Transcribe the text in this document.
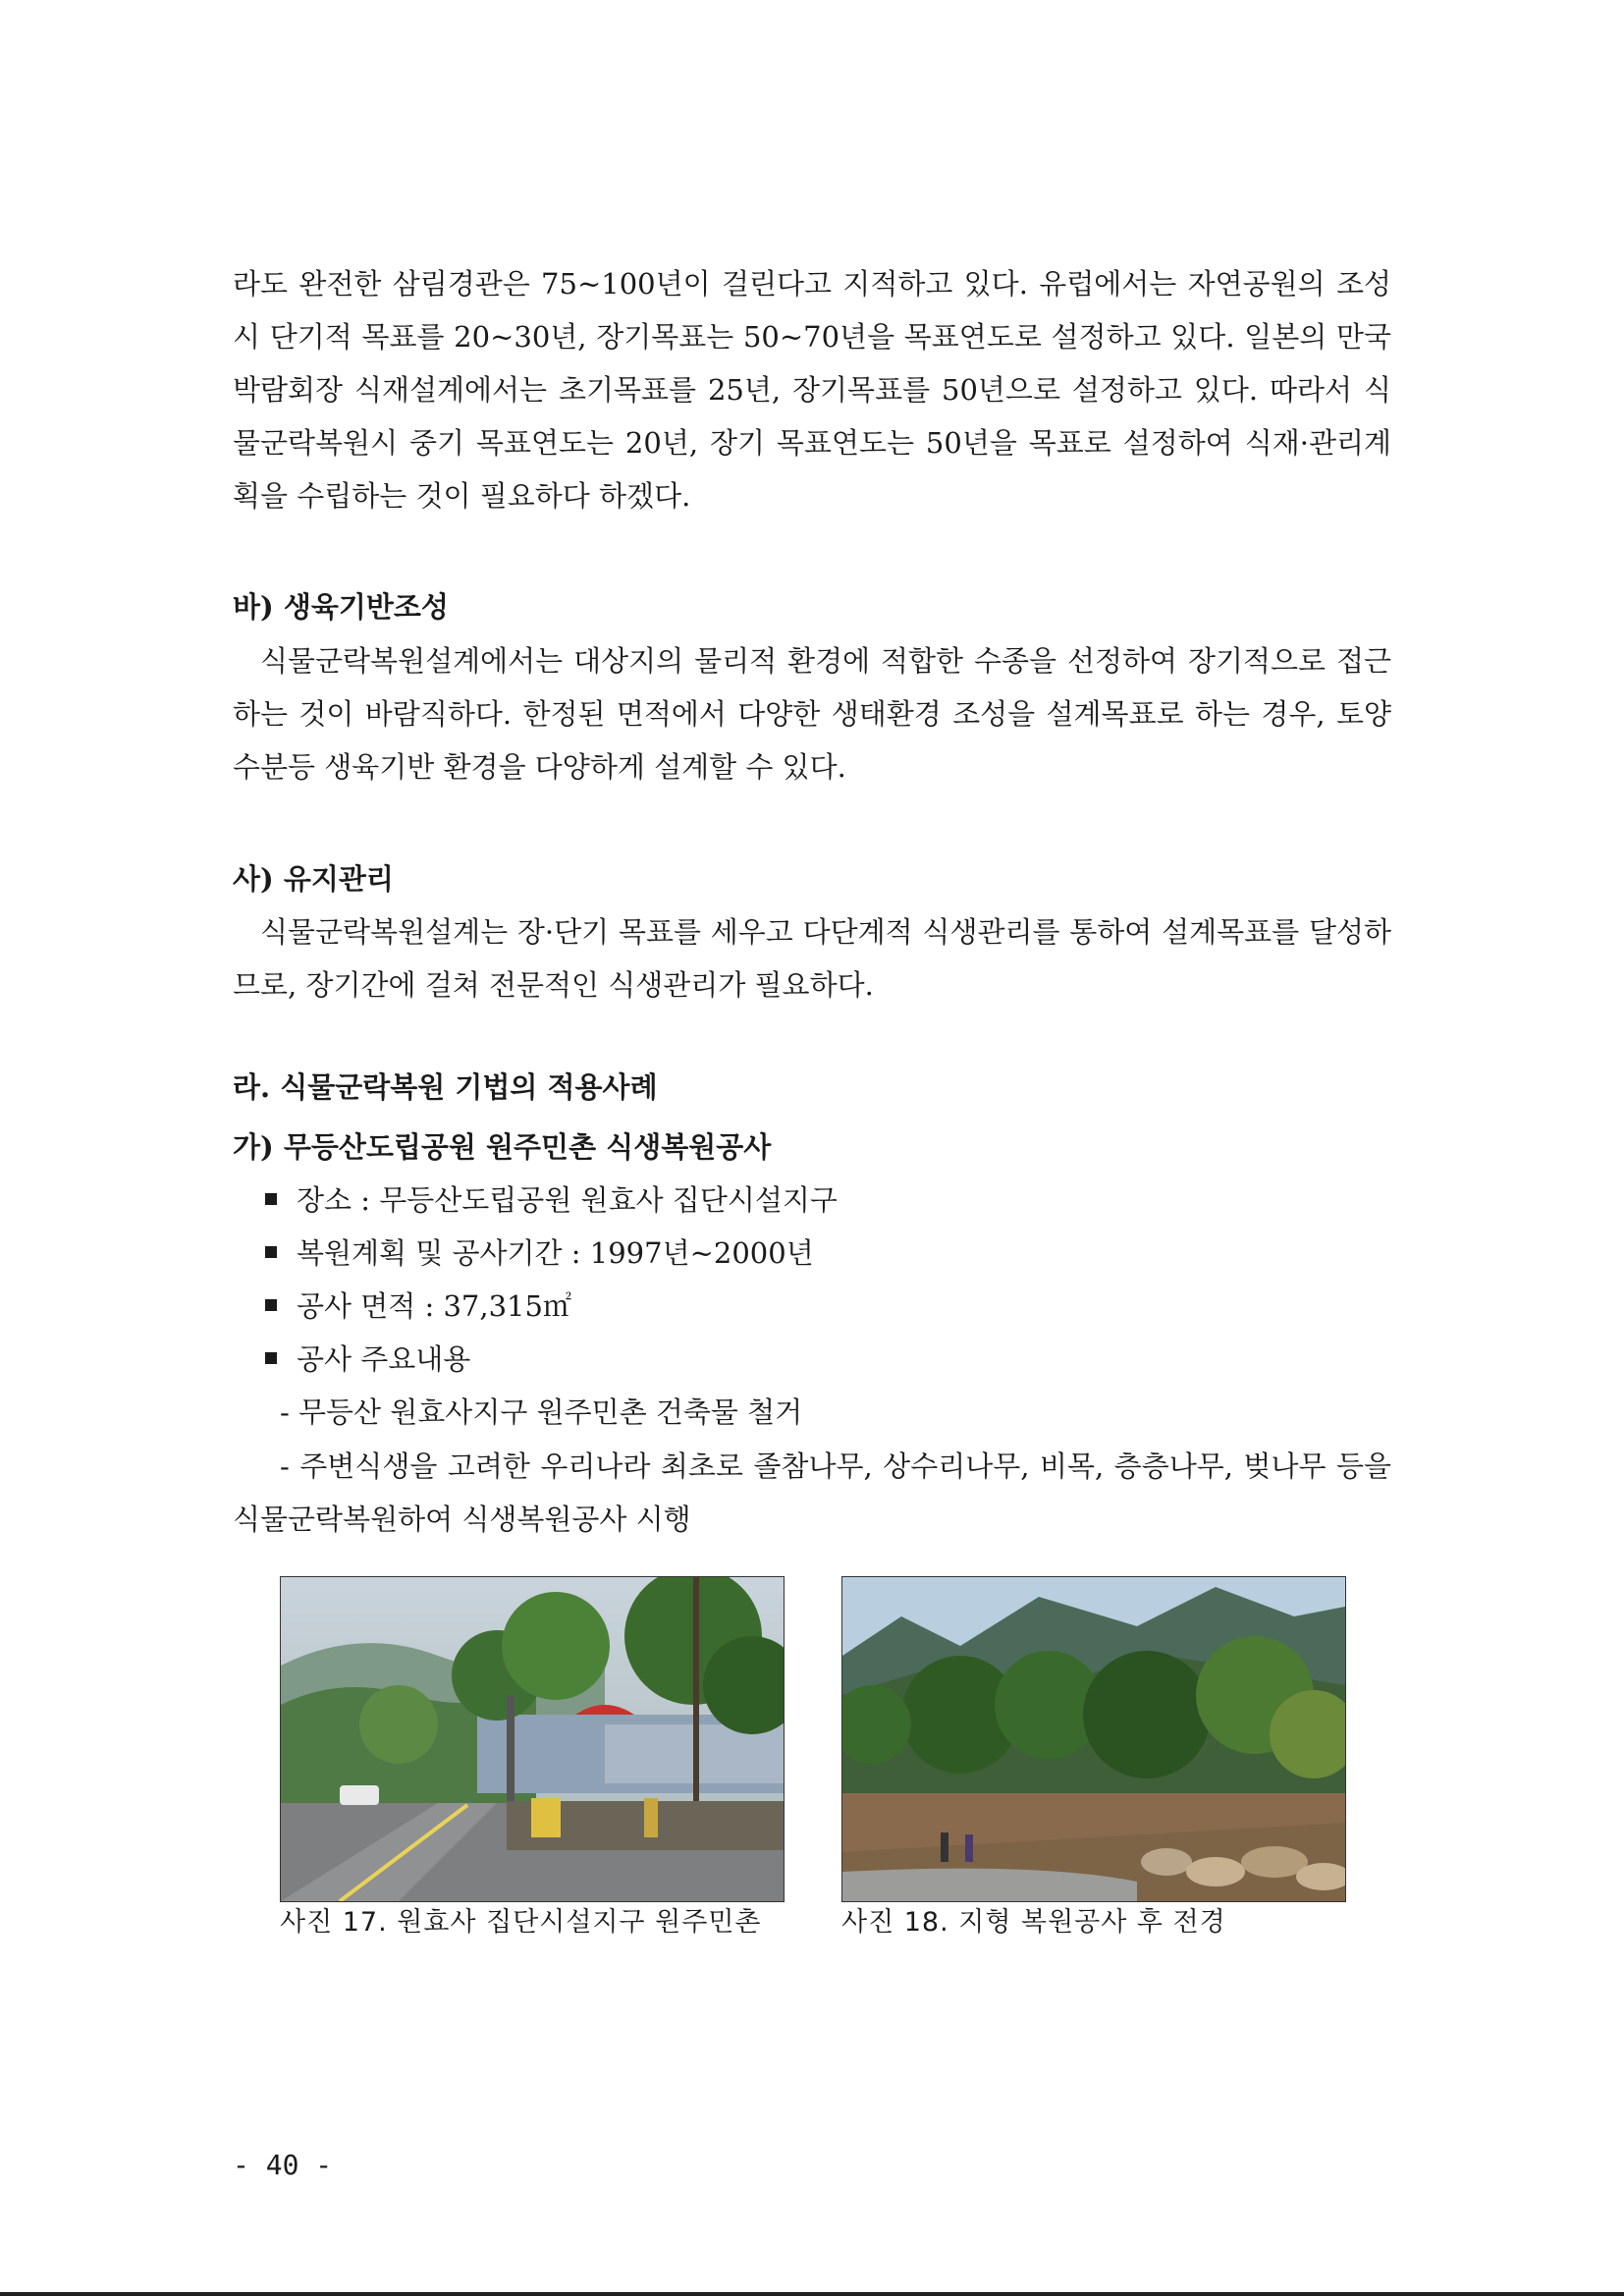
라도 완전한 삼림경관은 75~100년이 걸린다고 지적하고 있다. 유럽에서는 자연공원의 조성시 단기적 목표를 20~30년, 장기목표는 50~70년을 목표연도로 설정하고 있다. 일본의 만국박람회장 식재설계에서는 초기목표를 25년, 장기목표를 50년으로 설정하고 있다. 따라서 식물군락복원시 중기 목표연도는 20년, 장기 목표연도는 50년을 목표로 설정하여 식재·관리계획을 수립하는 것이 필요하다 하겠다.

바) 생육기반조성

식물군락복원설계에서는 대상지의 물리적 환경에 적합한 수종을 선정하여 장기적으로 접근하는 것이 바람직하다. 한정된 면적에서 다양한 생태환경 조성을 설계목표로 하는 경우, 토양수분등 생육기반 환경을 다양하게 설계할 수 있다.

사) 유지관리

식물군락복원설계는 장·단기 목표를 세우고 다단계적 식생관리를 통하여 설계목표를 달성하므로, 장기간에 걸쳐 전문적인 식생관리가 필요하다.

라. 식물군락복원 기법의 적용사례
가) 무등산도립공원 원주민촌 식생복원공사

장소 : 무등산도립공원 원효사 집단시설지구

복원계획 및 공사기간 : 1997년~2000년

공사 면적 : 37,315㎡

공사 주요내용

- 무등산 원효사지구 원주민촌 건축물 철거

- 주변식생을 고려한 우리나라 최초로 졸참나무, 상수리나무, 비목, 층층나무, 벚나무 등을 식물군락복원하여 식생복원공사 시행

사진 17. 원효사 집단시설지구 원주민촌	사진 18. 지형 복원공사 후 전경
- 40 -
